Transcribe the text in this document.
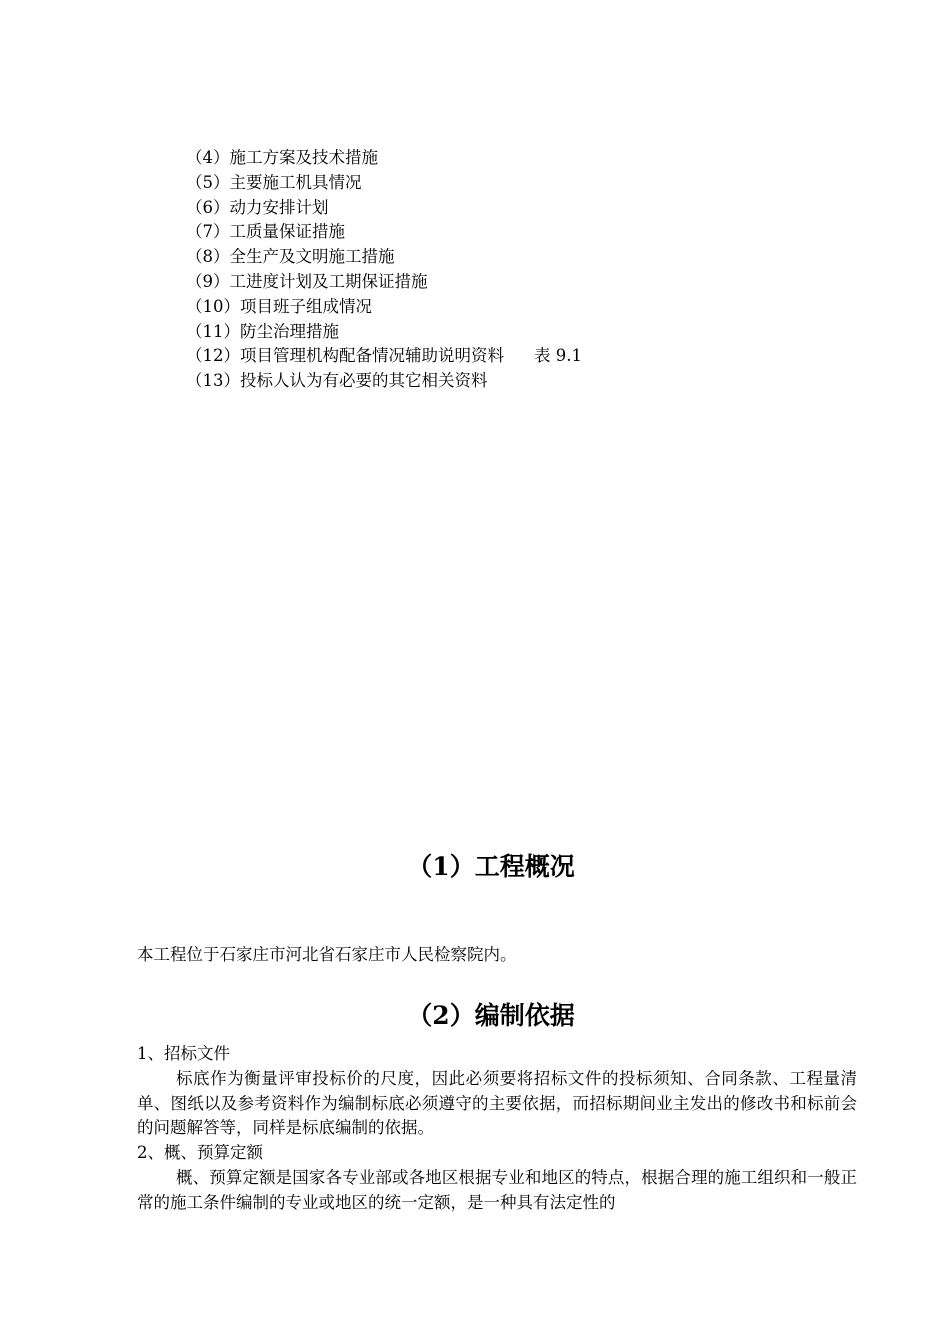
（4）施工方案及技术措施
（5）主要施工机具情况
（6）动力安排计划
（7）工质量保证措施
（8）全生产及文明施工措施
（9）工进度计划及工期保证措施
（10）项目班子组成情况
（11）防尘治理措施
（12）项目管理机构配备情况辅助说明资料 表 9.1
（13）投标人认为有必要的其它相关资料
（1）工程概况

本工程位于石家庄市河北省石家庄市人民检察院内。

（2）编制依据

1、招标文件

标底作为衡量评审投标价的尺度，因此必须要将招标文件的投标须知、合同条款、工程量清单、图纸以及参考资料作为编制标底必须遵守的主要依据，而招标期间业主发出的修改书和标前会的问题解答等，同样是标底编制的依据。

2、概、预算定额

概、预算定额是国家各专业部或各地区根据专业和地区的特点，根据合理的施工组织和一般正常的施工条件编制的专业或地区的统一定额，是一种具有法定性的
